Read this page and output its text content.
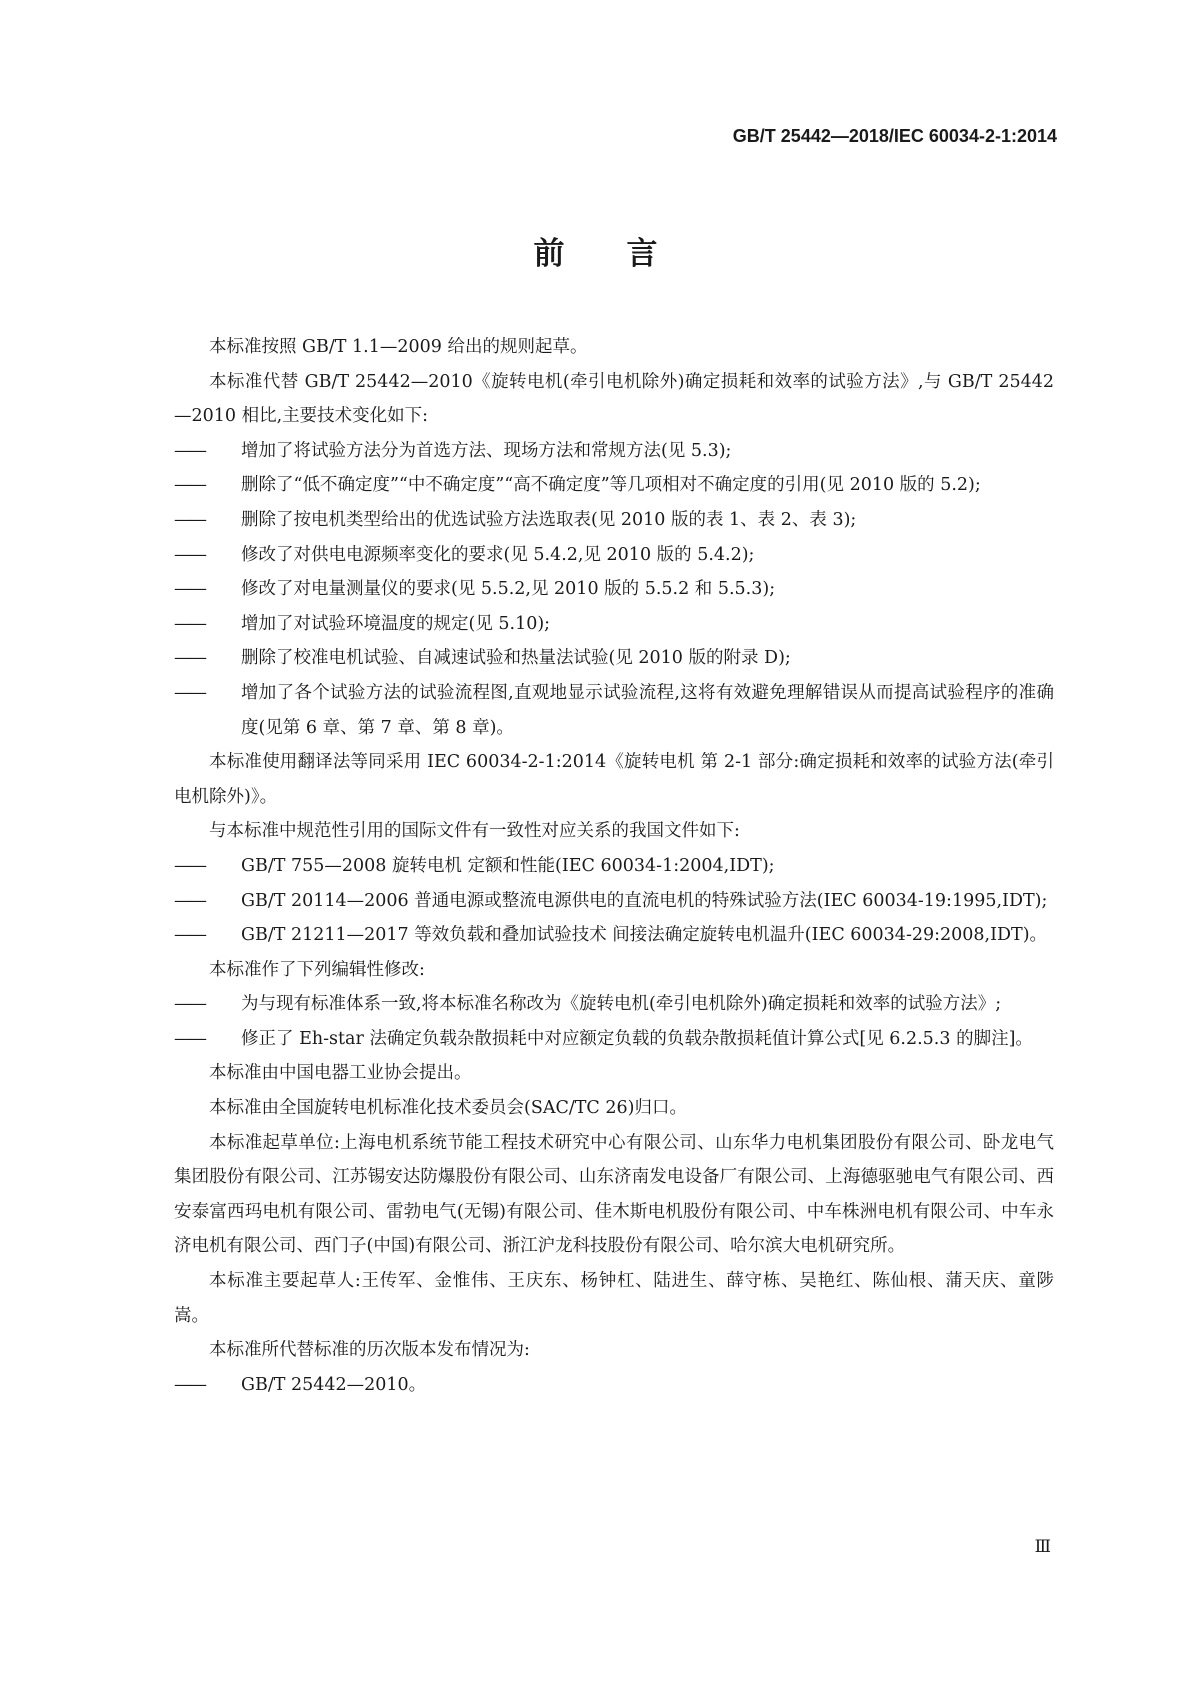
GB/T 25442—2018/IEC 60034-2-1:2014
前言

本标准按照 GB/T 1.1—2009 给出的规则起草。

本标准代替 GB/T 25442—2010《旋转电机(牵引电机除外)确定损耗和效率的试验方法》,与 GB/T 25442—2010 相比,主要技术变化如下:

——	增加了将试验方法分为首选方法、现场方法和常规方法(见 5.3);

——	删除了“低不确定度”“中不确定度”“高不确定度”等几项相对不确定度的引用(见 2010 版的 5.2);

——	删除了按电机类型给出的优选试验方法选取表(见 2010 版的表 1、表 2、表 3);

——	修改了对供电电源频率变化的要求(见 5.4.2,见 2010 版的 5.4.2);

——	修改了对电量测量仪的要求(见 5.5.2,见 2010 版的 5.5.2 和 5.5.3);

——	增加了对试验环境温度的规定(见 5.10);

——	删除了校准电机试验、自减速试验和热量法试验(见 2010 版的附录 D);

——	增加了各个试验方法的试验流程图,直观地显示试验流程,这将有效避免理解错误从而提高试验程序的准确度(见第 6 章、第 7 章、第 8 章)。

本标准使用翻译法等同采用 IEC 60034-2-1:2014《旋转电机 第 2-1 部分:确定损耗和效率的试验方法(牵引电机除外)》。

与本标准中规范性引用的国际文件有一致性对应关系的我国文件如下:

——	GB/T 755—2008 旋转电机 定额和性能(IEC 60034-1:2004,IDT);

——	GB/T 20114—2006 普通电源或整流电源供电的直流电机的特殊试验方法(IEC 60034-19:1995,IDT);

——	GB/T 21211—2017 等效负载和叠加试验技术 间接法确定旋转电机温升(IEC 60034-29:2008,IDT)。

本标准作了下列编辑性修改:

——	为与现有标准体系一致,将本标准名称改为《旋转电机(牵引电机除外)确定损耗和效率的试验方法》;

——	修正了 Eh-star 法确定负载杂散损耗中对应额定负载的负载杂散损耗值计算公式[见 6.2.5.3 的脚注]。

本标准由中国电器工业协会提出。

本标准由全国旋转电机标准化技术委员会(SAC/TC 26)归口。

本标准起草单位:上海电机系统节能工程技术研究中心有限公司、山东华力电机集团股份有限公司、卧龙电气集团股份有限公司、江苏锡安达防爆股份有限公司、山东济南发电设备厂有限公司、上海德驱驰电气有限公司、西安泰富西玛电机有限公司、雷勃电气(无锡)有限公司、佳木斯电机股份有限公司、中车株洲电机有限公司、中车永济电机有限公司、西门子(中国)有限公司、浙江沪龙科技股份有限公司、哈尔滨大电机研究所。

本标准主要起草人:王传军、金惟伟、王庆东、杨钟杠、陆进生、薛守栋、吴艳红、陈仙根、蒲天庆、童陟嵩。

本标准所代替标准的历次版本发布情况为:

——	GB/T 25442—2010。

Ⅲ
